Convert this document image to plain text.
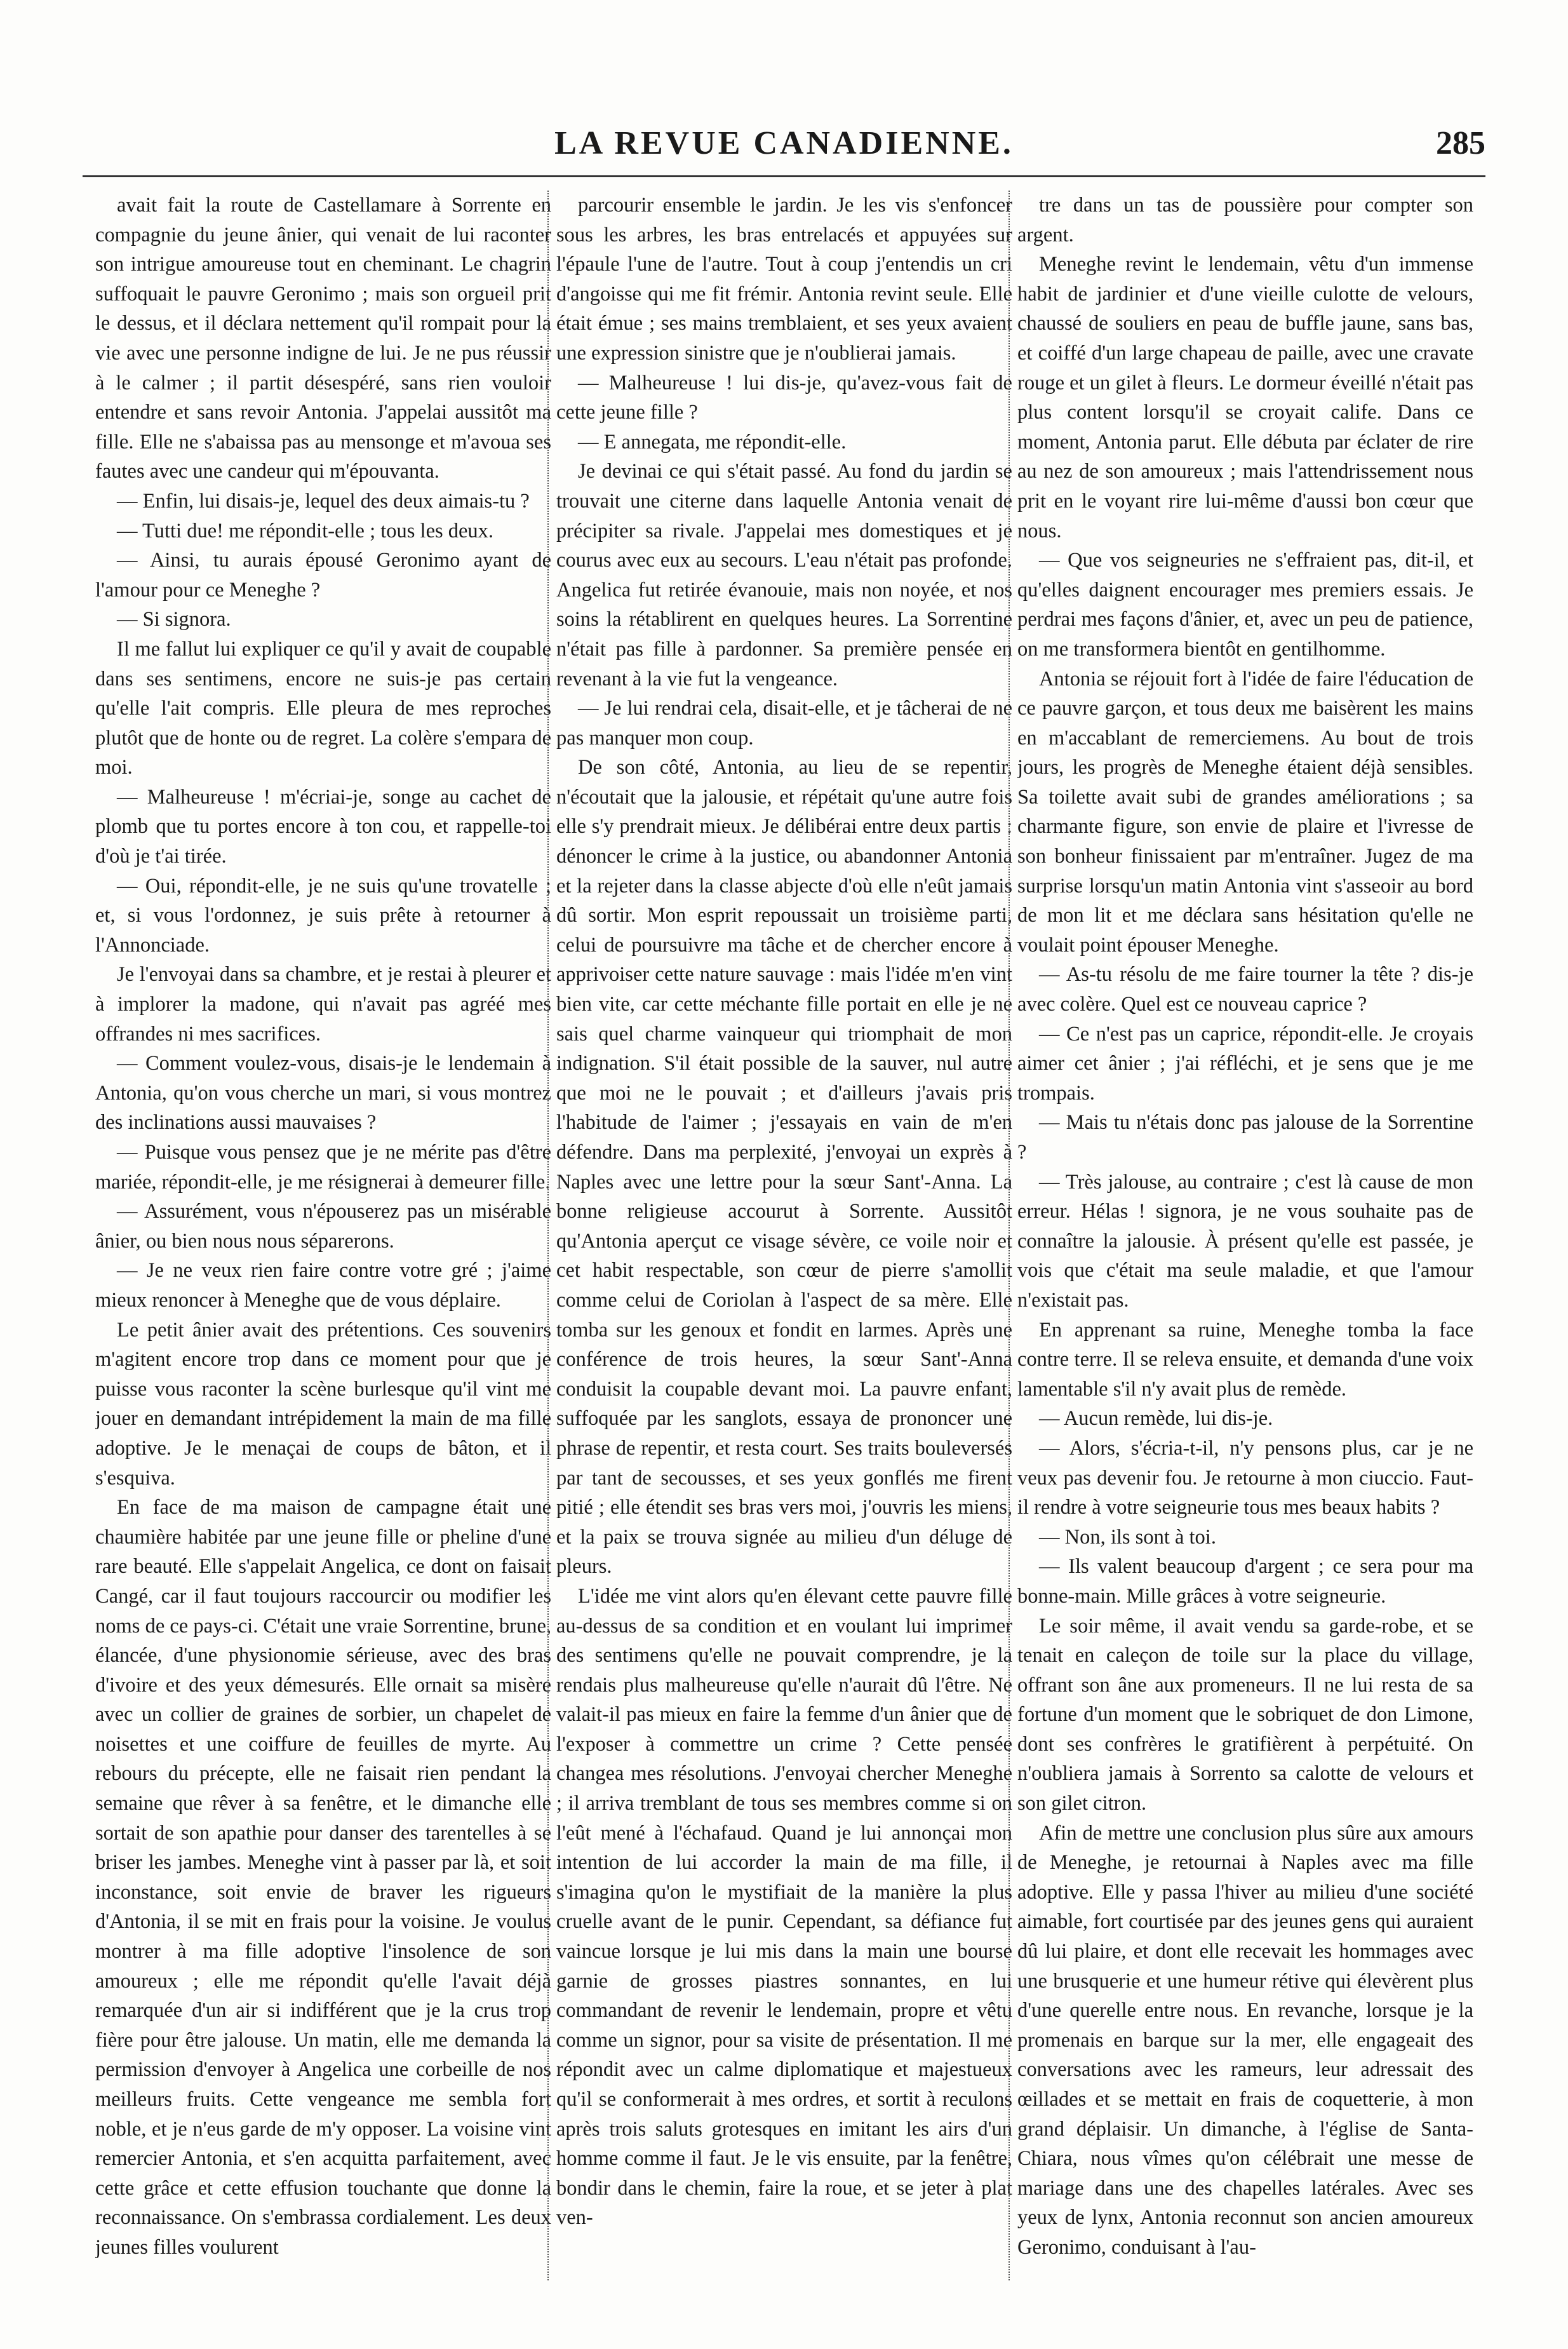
LA REVUE CANADIENNE.	285

avait fait la route de Castellamare à Sorrente en compagnie du jeune ânier, qui venait de lui raconter son intrigue amoureuse tout en cheminant. Le chagrin suffoquait le pauvre Geronimo ; mais son orgueil prit le dessus, et il déclara nettement qu'il rompait pour la vie avec une personne indigne de lui. Je ne pus réussir à le calmer ; il partit désespéré, sans rien vouloir entendre et sans revoir Antonia. J'appelai aussitôt ma fille. Elle ne s'abaissa pas au mensonge et m'avoua ses fautes avec une candeur qui m'épouvanta.

— Enfin, lui disais-je, lequel des deux aimais-tu ?

— Tutti due! me répondit-elle ; tous les deux.

— Ainsi, tu aurais épousé Geronimo ayant de l'amour pour ce Meneghe ?

— Si signora.

Il me fallut lui expliquer ce qu'il y avait de coupable dans ses sentimens, encore ne suis-je pas certain qu'elle l'ait compris. Elle pleura de mes reproches plutôt que de honte ou de regret. La colère s'empara de moi.

— Malheureuse ! m'écriai-je, songe au cachet de plomb que tu portes encore à ton cou, et rappelle-toi d'où je t'ai tirée.

— Oui, répondit-elle, je ne suis qu'une trovatelle ; et, si vous l'ordonnez, je suis prête à retourner à l'Annonciade.

Je l'envoyai dans sa chambre, et je restai à pleurer et à implorer la madone, qui n'avait pas agréé mes offrandes ni mes sacrifices.

— Comment voulez-vous, disais-je le lendemain à Antonia, qu'on vous cherche un mari, si vous montrez des inclinations aussi mauvaises ?

— Puisque vous pensez que je ne mérite pas d'être mariée, répondit-elle, je me résignerai à demeurer fille.

— Assurément, vous n'épouserez pas un misérable ânier, ou bien nous nous séparerons.

— Je ne veux rien faire contre votre gré ; j'aime mieux renoncer à Meneghe que de vous déplaire.

Le petit ânier avait des prétentions. Ces souvenirs m'agitent encore trop dans ce moment pour que je puisse vous raconter la scène burlesque qu'il vint me jouer en demandant intrépidement la main de ma fille adoptive. Je le menaçai de coups de bâton, et il s'esquiva.

En face de ma maison de campagne était une chaumière habitée par une jeune fille or pheline d'une rare beauté. Elle s'appelait Angelica, ce dont on faisait Cangé, car il faut toujours raccourcir ou modifier les noms de ce pays-ci. C'était une vraie Sorrentine, brune, élancée, d'une physionomie sérieuse, avec des bras d'ivoire et des yeux démesurés. Elle ornait sa misère avec un collier de graines de sorbier, un chapelet de noisettes et une coiffure de feuilles de myrte. Au rebours du précepte, elle ne faisait rien pendant la semaine que rêver à sa fenêtre, et le dimanche elle sortait de son apathie pour danser des tarentelles à se briser les jambes. Meneghe vint à passer par là, et soit inconstance, soit envie de braver les rigueurs d'Antonia, il se mit en frais pour la voisine. Je voulus montrer à ma fille adoptive l'insolence de son amoureux ; elle me répondit qu'elle l'avait déjà remarquée d'un air si indifférent que je la crus trop fière pour être jalouse. Un matin, elle me demanda la permission d'envoyer à Angelica une corbeille de nos meilleurs fruits. Cette vengeance me sembla fort noble, et je n'eus garde de m'y opposer. La voisine vint remercier Antonia, et s'en acquitta parfaitement, avec cette grâce et cette effusion touchante que donne la reconnaissance. On s'embrassa cordialement. Les deux jeunes filles voulurent

parcourir ensemble le jardin. Je les vis s'enfoncer sous les arbres, les bras entrelacés et appuyées sur l'épaule l'une de l'autre. Tout à coup j'entendis un cri d'angoisse qui me fit frémir. Antonia revint seule. Elle était émue ; ses mains tremblaient, et ses yeux avaient une expression sinistre que je n'oublierai jamais.

— Malheureuse ! lui dis-je, qu'avez-vous fait de cette jeune fille ?

— E annegata, me répondit-elle.

Je devinai ce qui s'était passé. Au fond du jardin se trouvait une citerne dans laquelle Antonia venait de précipiter sa rivale. J'appelai mes domestiques et je courus avec eux au secours. L'eau n'était pas profonde. Angelica fut retirée évanouie, mais non noyée, et nos soins la rétablirent en quelques heures. La Sorrentine n'était pas fille à pardonner. Sa première pensée en revenant à la vie fut la vengeance.

— Je lui rendrai cela, disait-elle, et je tâcherai de ne pas manquer mon coup.

De son côté, Antonia, au lieu de se repentir, n'écoutait que la jalousie, et répétait qu'une autre fois elle s'y prendrait mieux. Je délibérai entre deux partis : dénoncer le crime à la justice, ou abandonner Antonia et la rejeter dans la classe abjecte d'où elle n'eût jamais dû sortir. Mon esprit repoussait un troisième parti, celui de poursuivre ma tâche et de chercher encore à apprivoiser cette nature sauvage : mais l'idée m'en vint bien vite, car cette méchante fille portait en elle je ne sais quel charme vainqueur qui triomphait de mon indignation. S'il était possible de la sauver, nul autre que moi ne le pouvait ; et d'ailleurs j'avais pris l'habitude de l'aimer ; j'essayais en vain de m'en défendre. Dans ma perplexité, j'envoyai un exprès à Naples avec une lettre pour la sœur Sant'-Anna. La bonne religieuse accourut à Sorrente. Aussitôt qu'Antonia aperçut ce visage sévère, ce voile noir et cet habit respectable, son cœur de pierre s'amollit comme celui de Coriolan à l'aspect de sa mère. Elle tomba sur les genoux et fondit en larmes. Après une conférence de trois heures, la sœur Sant'-Anna conduisit la coupable devant moi. La pauvre enfant, suffoquée par les sanglots, essaya de prononcer une phrase de repentir, et resta court. Ses traits bouleversés par tant de secousses, et ses yeux gonflés me firent pitié ; elle étendit ses bras vers moi, j'ouvris les miens, et la paix se trouva signée au milieu d'un déluge de pleurs.

L'idée me vint alors qu'en élevant cette pauvre fille au-dessus de sa condition et en voulant lui imprimer des sentimens qu'elle ne pouvait comprendre, je la rendais plus malheureuse qu'elle n'aurait dû l'être. Ne valait-il pas mieux en faire la femme d'un ânier que de l'exposer à commettre un crime ? Cette pensée changea mes résolutions. J'envoyai chercher Meneghe ; il arriva tremblant de tous ses membres comme si on l'eût mené à l'échafaud. Quand je lui annonçai mon intention de lui accorder la main de ma fille, il s'imagina qu'on le mystifiait de la manière la plus cruelle avant de le punir. Cependant, sa défiance fut vaincue lorsque je lui mis dans la main une bourse garnie de grosses piastres sonnantes, en lui commandant de revenir le lendemain, propre et vêtu comme un signor, pour sa visite de présentation. Il me répondit avec un calme diplomatique et majestueux qu'il se conformerait à mes ordres, et sortit à reculons après trois saluts grotesques en imitant les airs d'un homme comme il faut. Je le vis ensuite, par la fenêtre, bondir dans le chemin, faire la roue, et se jeter à plat ven-

tre dans un tas de poussière pour compter son argent.

Meneghe revint le lendemain, vêtu d'un immense habit de jardinier et d'une vieille culotte de velours, chaussé de souliers en peau de buffle jaune, sans bas, et coiffé d'un large chapeau de paille, avec une cravate rouge et un gilet à fleurs. Le dormeur éveillé n'était pas plus content lorsqu'il se croyait calife. Dans ce moment, Antonia parut. Elle débuta par éclater de rire au nez de son amoureux ; mais l'attendrissement nous prit en le voyant rire lui-même d'aussi bon cœur que nous.

— Que vos seigneuries ne s'effraient pas, dit-il, et qu'elles daignent encourager mes premiers essais. Je perdrai mes façons d'ânier, et, avec un peu de patience, on me transformera bientôt en gentilhomme.

Antonia se réjouit fort à l'idée de faire l'éducation de ce pauvre garçon, et tous deux me baisèrent les mains en m'accablant de remerciemens. Au bout de trois jours, les progrès de Meneghe étaient déjà sensibles. Sa toilette avait subi de grandes améliorations ; sa charmante figure, son envie de plaire et l'ivresse de son bonheur finissaient par m'entraîner. Jugez de ma surprise lorsqu'un matin Antonia vint s'asseoir au bord de mon lit et me déclara sans hésitation qu'elle ne voulait point épouser Meneghe.

— As-tu résolu de me faire tourner la tête ? dis-je avec colère. Quel est ce nouveau caprice ?

— Ce n'est pas un caprice, répondit-elle. Je croyais aimer cet ânier ; j'ai réfléchi, et je sens que je me trompais.

— Mais tu n'étais donc pas jalouse de la Sorrentine ?

— Très jalouse, au contraire ; c'est là cause de mon erreur. Hélas ! signora, je ne vous souhaite pas de connaître la jalousie. À présent qu'elle est passée, je vois que c'était ma seule maladie, et que l'amour n'existait pas.

En apprenant sa ruine, Meneghe tomba la face contre terre. Il se releva ensuite, et demanda d'une voix lamentable s'il n'y avait plus de remède.

— Aucun remède, lui dis-je.

— Alors, s'écria-t-il, n'y pensons plus, car je ne veux pas devenir fou. Je retourne à mon ciuccio. Faut-il rendre à votre seigneurie tous mes beaux habits ?

— Non, ils sont à toi.

— Ils valent beaucoup d'argent ; ce sera pour ma bonne-main. Mille grâces à votre seigneurie.

Le soir même, il avait vendu sa garde-robe, et se tenait en caleçon de toile sur la place du village, offrant son âne aux promeneurs. Il ne lui resta de sa fortune d'un moment que le sobriquet de don Limone, dont ses confrères le gratifièrent à perpétuité. On n'oubliera jamais à Sorrento sa calotte de velours et son gilet citron.

Afin de mettre une conclusion plus sûre aux amours de Meneghe, je retournai à Naples avec ma fille adoptive. Elle y passa l'hiver au milieu d'une société aimable, fort courtisée par des jeunes gens qui auraient dû lui plaire, et dont elle recevait les hommages avec une brusquerie et une humeur rétive qui élevèrent plus d'une querelle entre nous. En revanche, lorsque je la promenais en barque sur la mer, elle engageait des conversations avec les rameurs, leur adressait des œillades et se mettait en frais de coquetterie, à mon grand déplaisir. Un dimanche, à l'église de Santa-Chiara, nous vîmes qu'on célébrait une messe de mariage dans une des chapelles latérales. Avec ses yeux de lynx, Antonia reconnut son ancien amoureux Geronimo, conduisant à l'au-
